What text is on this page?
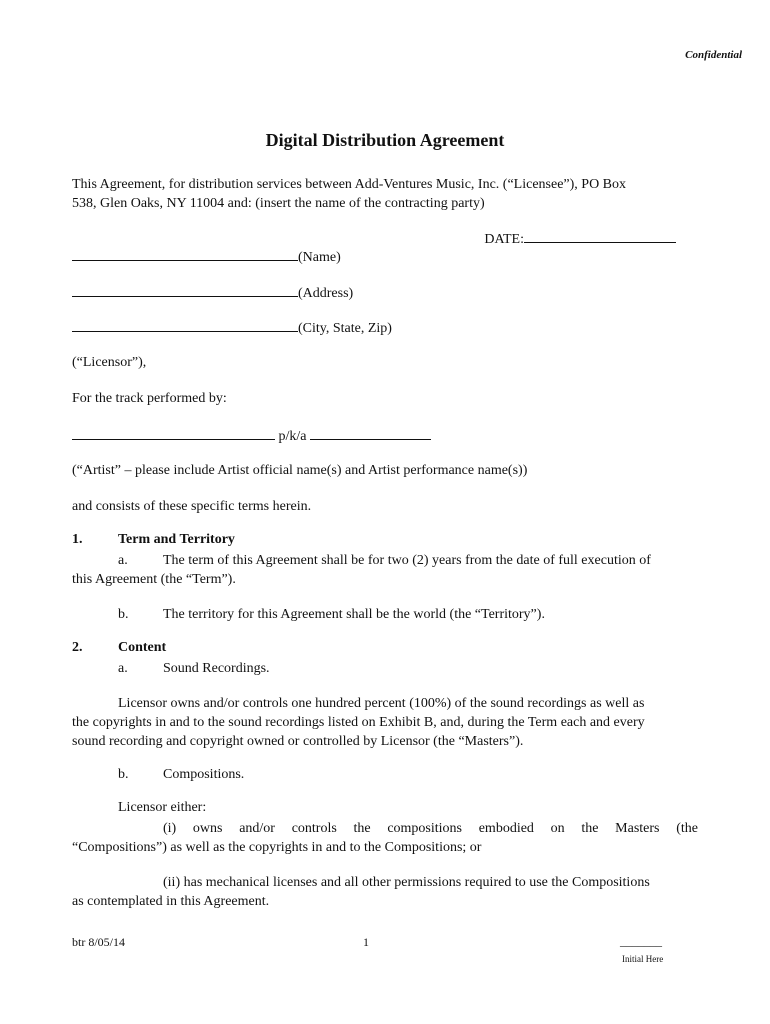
Confidential
Digital Distribution Agreement
This Agreement, for distribution services between Add-Ventures Music, Inc. (“Licensee”), PO Box
538, Glen Oaks, NY 11004 and: (insert the name of the contracting party)
DATE:
(Name)
(Address)
(City, State, Zip)
(“Licensor”),
For the track performed by:
p/k/a
(“Artist” – please include Artist official name(s) and Artist performance name(s))
and consists of these specific terms herein.
1.	Term and Territory
a.	The term of this Agreement shall be for two (2) years from the date of full execution of
this Agreement (the “Term”).
b. The territory for this Agreement shall be the world (the “Territory”).
2.	Content
a.	Sound Recordings.
Licensor owns and/or controls one hundred percent (100%) of the sound recordings as well as
the copyrights in and to the sound recordings listed on Exhibit B, and, during the Term each and every
sound recording and copyright owned or controlled by Licensor (the “Masters”).
b. Compositions.
Licensor either:
(i) owns and/or controls the compositions embodied on the Masters (the
“Compositions”) as well as the copyrights in and to the Compositions; or
(ii) has mechanical licenses and all other permissions required to use the Compositions
as contemplated in this Agreement.
btr 8/05/14	1	_______
Initial Here
